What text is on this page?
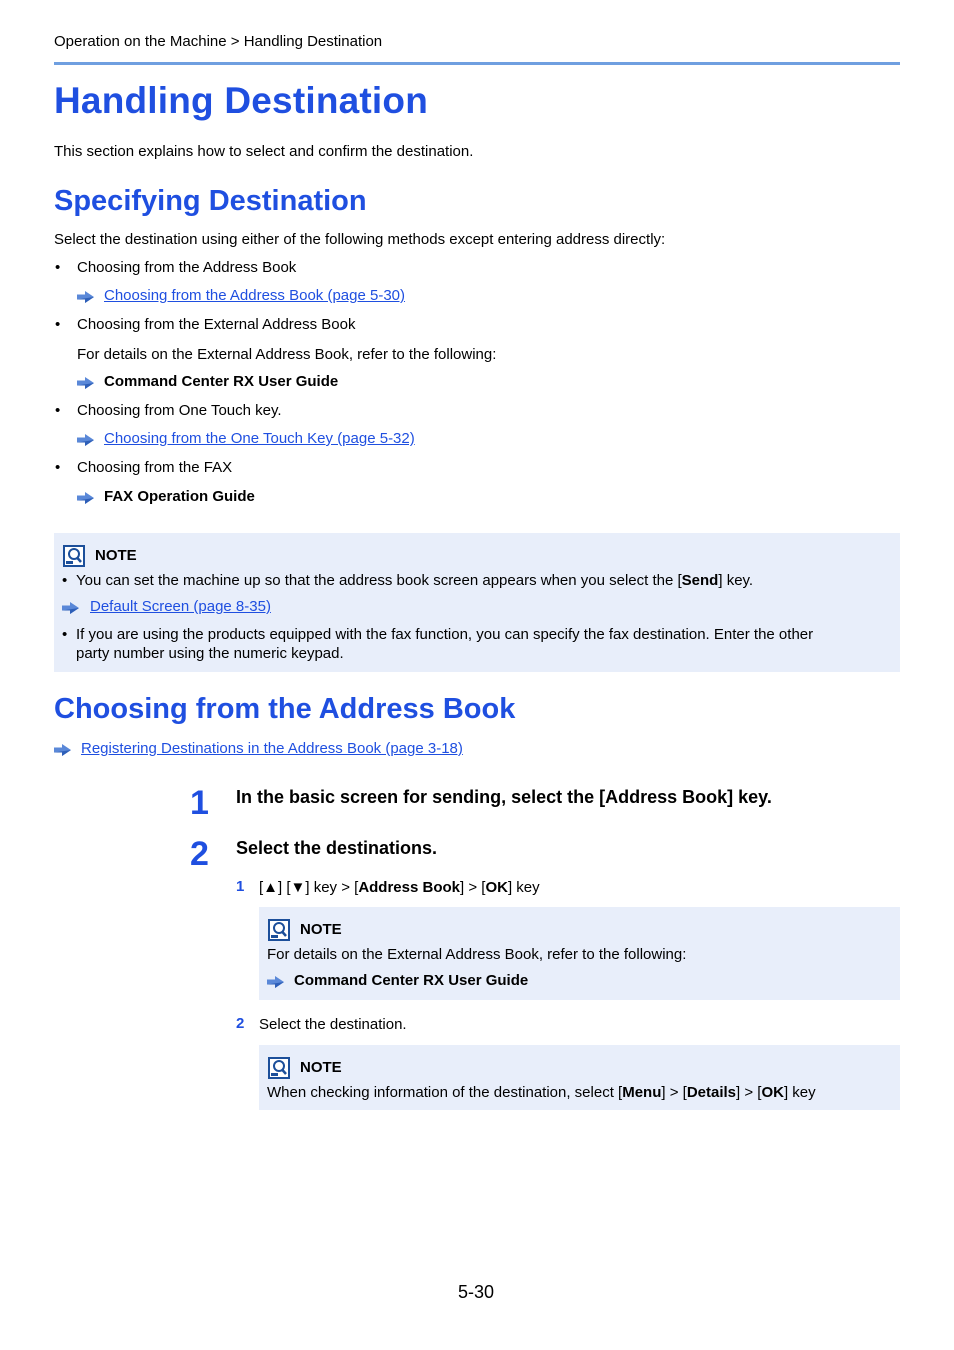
Operation on the Machine > Handling Destination
Handling Destination
This section explains how to select and confirm the destination.
Specifying Destination
Select the destination using either of the following methods except entering address directly:
• Choosing from the Address Book
Choosing from the Address Book (page 5-30)
• Choosing from the External Address Book
For details on the External Address Book, refer to the following:
Command Center RX User Guide
• Choosing from One Touch key.
Choosing from the One Touch Key (page 5-32)
• Choosing from the FAX
FAX Operation Guide
NOTE
• You can set the machine up so that the address book screen appears when you select the [Send] key.
Default Screen (page 8-35)
• If you are using the products equipped with the fax function, you can specify the fax destination. Enter the other
party number using the numeric keypad.
Choosing from the Address Book
Registering Destinations in the Address Book (page 3-18)
1 In the basic screen for sending, select the [Address Book] key.
2 Select the destinations.
1 [▲] [▼] key > [Address Book] > [OK] key
NOTE
For details on the External Address Book, refer to the following:
Command Center RX User Guide
2 Select the destination.
NOTE
When checking information of the destination, select [Menu] > [Details] > [OK] key
5-30
